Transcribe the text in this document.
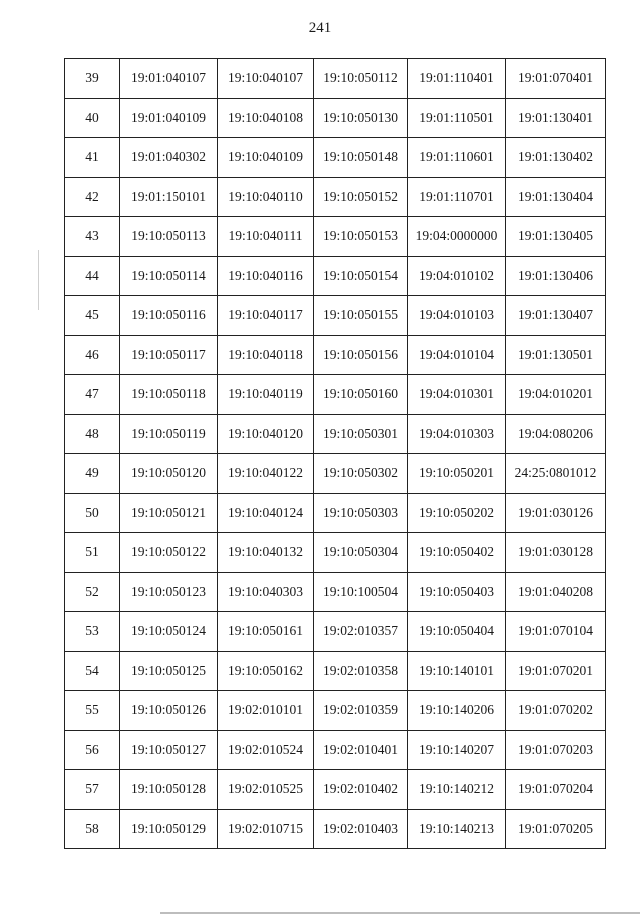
241
39	19:01:040107	19:10:040107	19:10:050112	19:01:110401	19:01:070401
40	19:01:040109	19:10:040108	19:10:050130	19:01:110501	19:01:130401
41	19:01:040302	19:10:040109	19:10:050148	19:01:110601	19:01:130402
42	19:01:150101	19:10:040110	19:10:050152	19:01:110701	19:01:130404
43	19:10:050113	19:10:040111	19:10:050153	19:04:0000000	19:01:130405
44	19:10:050114	19:10:040116	19:10:050154	19:04:010102	19:01:130406
45	19:10:050116	19:10:040117	19:10:050155	19:04:010103	19:01:130407
46	19:10:050117	19:10:040118	19:10:050156	19:04:010104	19:01:130501
47	19:10:050118	19:10:040119	19:10:050160	19:04:010301	19:04:010201
48	19:10:050119	19:10:040120	19:10:050301	19:04:010303	19:04:080206
49	19:10:050120	19:10:040122	19:10:050302	19:10:050201	24:25:0801012
50	19:10:050121	19:10:040124	19:10:050303	19:10:050202	19:01:030126
51	19:10:050122	19:10:040132	19:10:050304	19:10:050402	19:01:030128
52	19:10:050123	19:10:040303	19:10:100504	19:10:050403	19:01:040208
53	19:10:050124	19:10:050161	19:02:010357	19:10:050404	19:01:070104
54	19:10:050125	19:10:050162	19:02:010358	19:10:140101	19:01:070201
55	19:10:050126	19:02:010101	19:02:010359	19:10:140206	19:01:070202
56	19:10:050127	19:02:010524	19:02:010401	19:10:140207	19:01:070203
57	19:10:050128	19:02:010525	19:02:010402	19:10:140212	19:01:070204
58	19:10:050129	19:02:010715	19:02:010403	19:10:140213	19:01:070205
